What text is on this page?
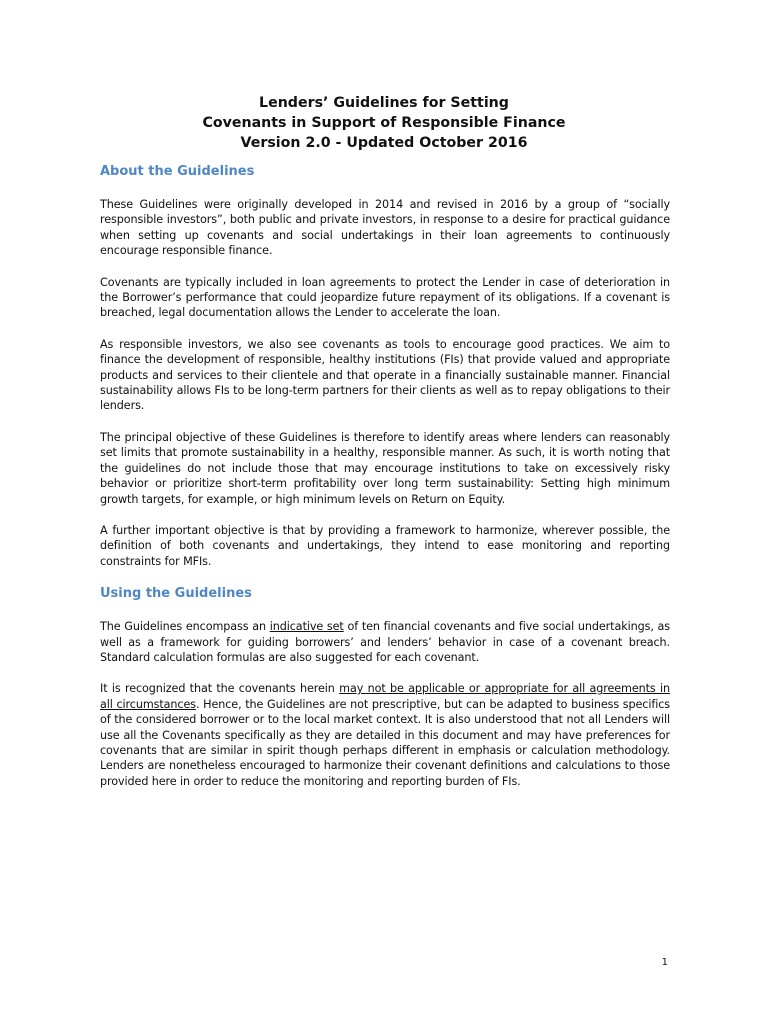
Lenders’ Guidelines for Setting
Covenants in Support of Responsible Finance
Version 2.0 - Updated October 2016
About the Guidelines

These Guidelines were originally developed in 2014 and revised in 2016 by a group of “socially responsible investors”, both public and private investors, in response to a desire for practical guidance when setting up covenants and social undertakings in their loan agreements to continuously encourage responsible finance.

Covenants are typically included in loan agreements to protect the Lender in case of deterioration in the Borrower’s performance that could jeopardize future repayment of its obligations. If a covenant is breached, legal documentation allows the Lender to accelerate the loan.

As responsible investors, we also see covenants as tools to encourage good practices. We aim to finance the development of responsible, healthy institutions (FIs) that provide valued and appropriate products and services to their clientele and that operate in a financially sustainable manner. Financial sustainability allows FIs to be long-term partners for their clients as well as to repay obligations to their lenders.

The principal objective of these Guidelines is therefore to identify areas where lenders can reasonably set limits that promote sustainability in a healthy, responsible manner. As such, it is worth noting that the guidelines do not include those that may encourage institutions to take on excessively risky behavior or prioritize short-term profitability over long term sustainability: Setting high minimum growth targets, for example, or high minimum levels on Return on Equity.

A further important objective is that by providing a framework to harmonize, wherever possible, the definition of both covenants and undertakings, they intend to ease monitoring and reporting constraints for MFIs.

Using the Guidelines

The Guidelines encompass an indicative set of ten financial covenants and five social undertakings, as well as a framework for guiding borrowers’ and lenders’ behavior in case of a covenant breach. Standard calculation formulas are also suggested for each covenant.

It is recognized that the covenants herein may not be applicable or appropriate for all agreements in all circumstances. Hence, the Guidelines are not prescriptive, but can be adapted to business specifics of the considered borrower or to the local market context. It is also understood that not all Lenders will use all the Covenants specifically as they are detailed in this document and may have preferences for covenants that are similar in spirit though perhaps different in emphasis or calculation methodology. Lenders are nonetheless encouraged to harmonize their covenant definitions and calculations to those provided here in order to reduce the monitoring and reporting burden of FIs.

1
